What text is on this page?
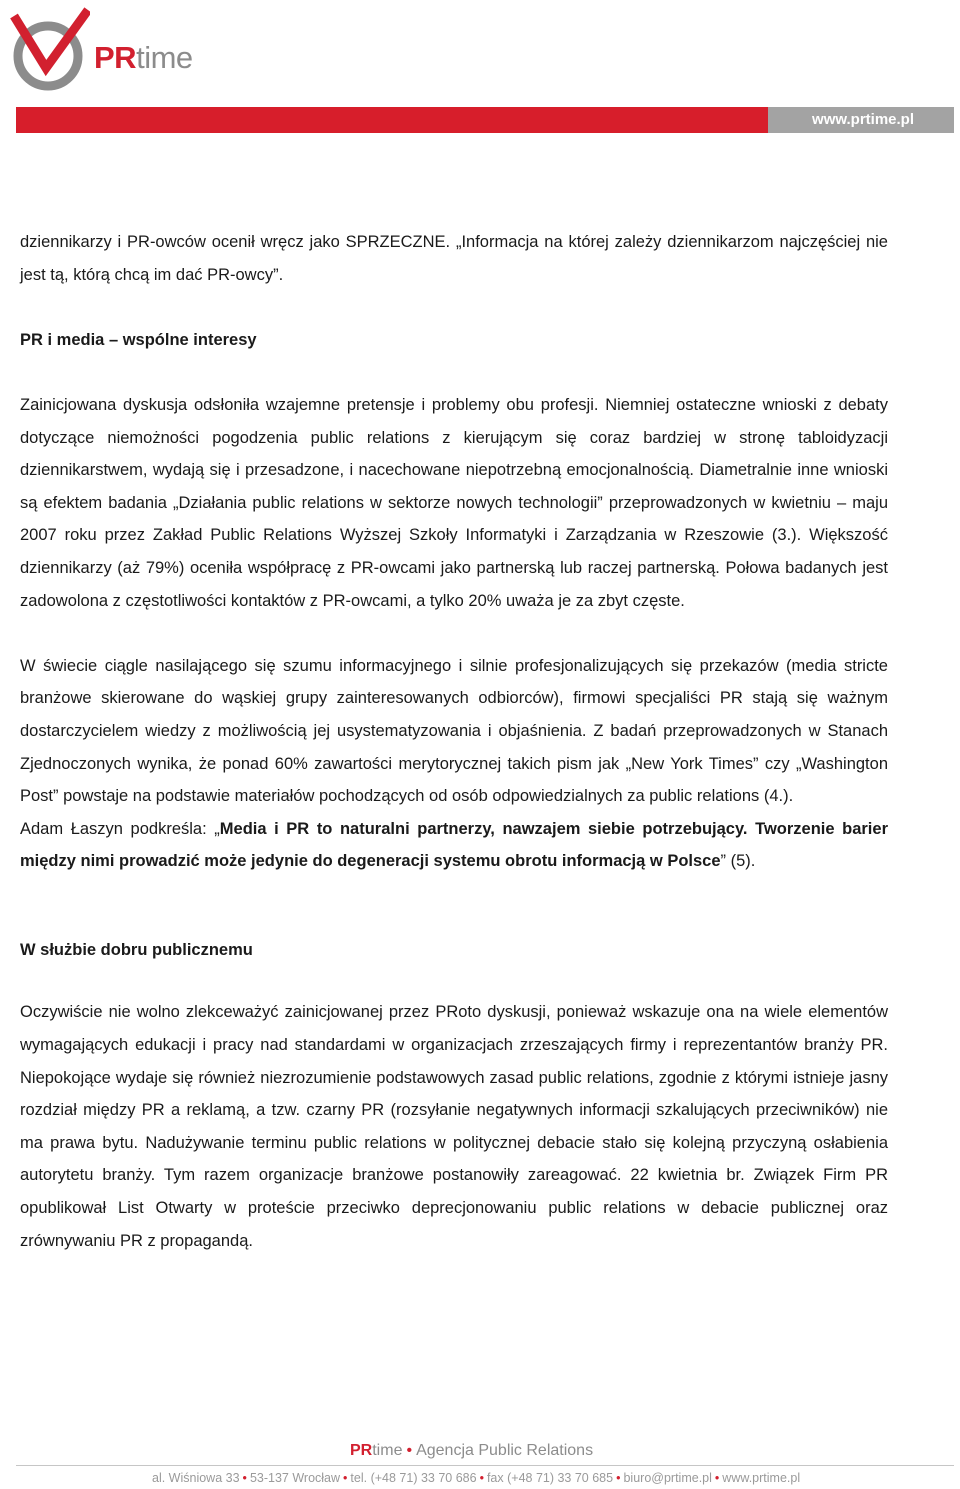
PRtime
www.prtime.pl

dziennikarzy i PR-owców ocenił wręcz jako SPRZECZNE. „Informacja na której zależy dziennikarzom najczęściej nie jest tą, którą chcą im dać PR-owcy”.

PR i media – wspólne interesy

Zainicjowana dyskusja odsłoniła wzajemne pretensje i problemy obu profesji. Niemniej ostateczne wnioski z debaty dotyczące niemożności pogodzenia public relations z kierującym się coraz bardziej w stronę tabloidyzacji dziennikarstwem, wydają się i przesadzone, i nacechowane niepotrzebną emocjonalnością. Diametralnie inne wnioski są efektem badania „Działania public relations w sektorze nowych technologii” przeprowadzonych w kwietniu – maju 2007 roku przez Zakład Public Relations Wyższej Szkoły Informatyki i Zarządzania w Rzeszowie (3.). Większość dziennikarzy (aż 79%) oceniła współpracę z PR-owcami jako partnerską lub raczej partnerską. Połowa badanych jest zadowolona z częstotliwości kontaktów z PR-owcami, a tylko 20% uważa je za zbyt częste.

W świecie ciągle nasilającego się szumu informacyjnego i silnie profesjonalizujących się przekazów (media stricte branżowe skierowane do wąskiej grupy zainteresowanych odbiorców), firmowi specjaliści PR stają się ważnym dostarczycielem wiedzy z możliwością jej usystematyzowania i objaśnienia. Z badań przeprowadzonych w Stanach Zjednoczonych wynika, że ponad 60% zawartości merytorycznej takich pism jak „New York Times” czy „Washington Post” powstaje na podstawie materiałów pochodzących od osób odpowiedzialnych za public relations (4.).

Adam Łaszyn podkreśla: „Media i PR to naturalni partnerzy, nawzajem siebie potrzebujący. Tworzenie barier między nimi prowadzić może jedynie do degeneracji systemu obrotu informacją w Polsce” (5).

W służbie dobru publicznemu

Oczywiście nie wolno zlekceważyć zainicjowanej przez PRoto dyskusji, ponieważ wskazuje ona na wiele elementów wymagających edukacji i pracy nad standardami w organizacjach zrzeszających firmy i reprezentantów branży PR. Niepokojące wydaje się również niezrozumienie podstawowych zasad public relations, zgodnie z którymi istnieje jasny rozdział między PR a reklamą, a tzw. czarny PR (rozsyłanie negatywnych informacji szkalujących przeciwników) nie ma prawa bytu. Nadużywanie terminu public relations w politycznej debacie stało się kolejną przyczyną osłabienia autorytetu branży. Tym razem organizacje branżowe postanowiły zareagować. 22 kwietnia br. Związek Firm PR opublikował List Otwarty w proteście przeciwko deprecjonowaniu public relations w debacie publicznej oraz zrównywaniu PR z propagandą.

PRtime • Agencja Public Relations
al. Wiśniowa 33 • 53-137 Wrocław • tel. (+48 71) 33 70 686 • fax (+48 71) 33 70 685 • biuro@prtime.pl • www.prtime.pl
